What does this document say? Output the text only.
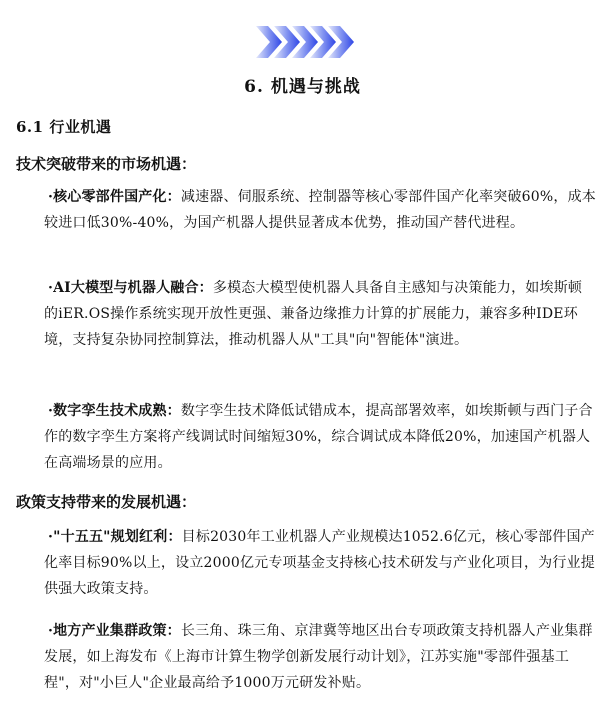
6. 机遇与挑战
6.1 行业机遇
技术突破带来的市场机遇：
·核心零部件国产化：减速器、伺服系统、控制器等核心零部件国产化率突破60%，成本较进口低30%-40%，为国产机器人提供显著成本优势，推动国产替代进程。
·AI大模型与机器人融合：多模态大模型使机器人具备自主感知与决策能力，如埃斯顿的iER.OS操作系统实现开放性更强、兼备边缘推力计算的扩展能力，兼容多种IDE环境，支持复杂协同控制算法，推动机器人从"工具"向"智能体"演进。
·数字孪生技术成熟：数字孪生技术降低试错成本，提高部署效率，如埃斯顿与西门子合作的数字孪生方案将产线调试时间缩短30%，综合调试成本降低20%，加速国产机器人在高端场景的应用。
政策支持带来的发展机遇：
·"十五五"规划红利：目标2030年工业机器人产业规模达1052.6亿元，核心零部件国产化率目标90%以上，设立2000亿元专项基金支持核心技术研发与产业化项目，为行业提供强大政策支持。
·地方产业集群政策：长三角、珠三角、京津冀等地区出台专项政策支持机器人产业集群发展，如上海发布《上海市计算生物学创新发展行动计划》，江苏实施"零部件强基工程"，对"小巨人"企业最高给予1000万元研发补贴。
